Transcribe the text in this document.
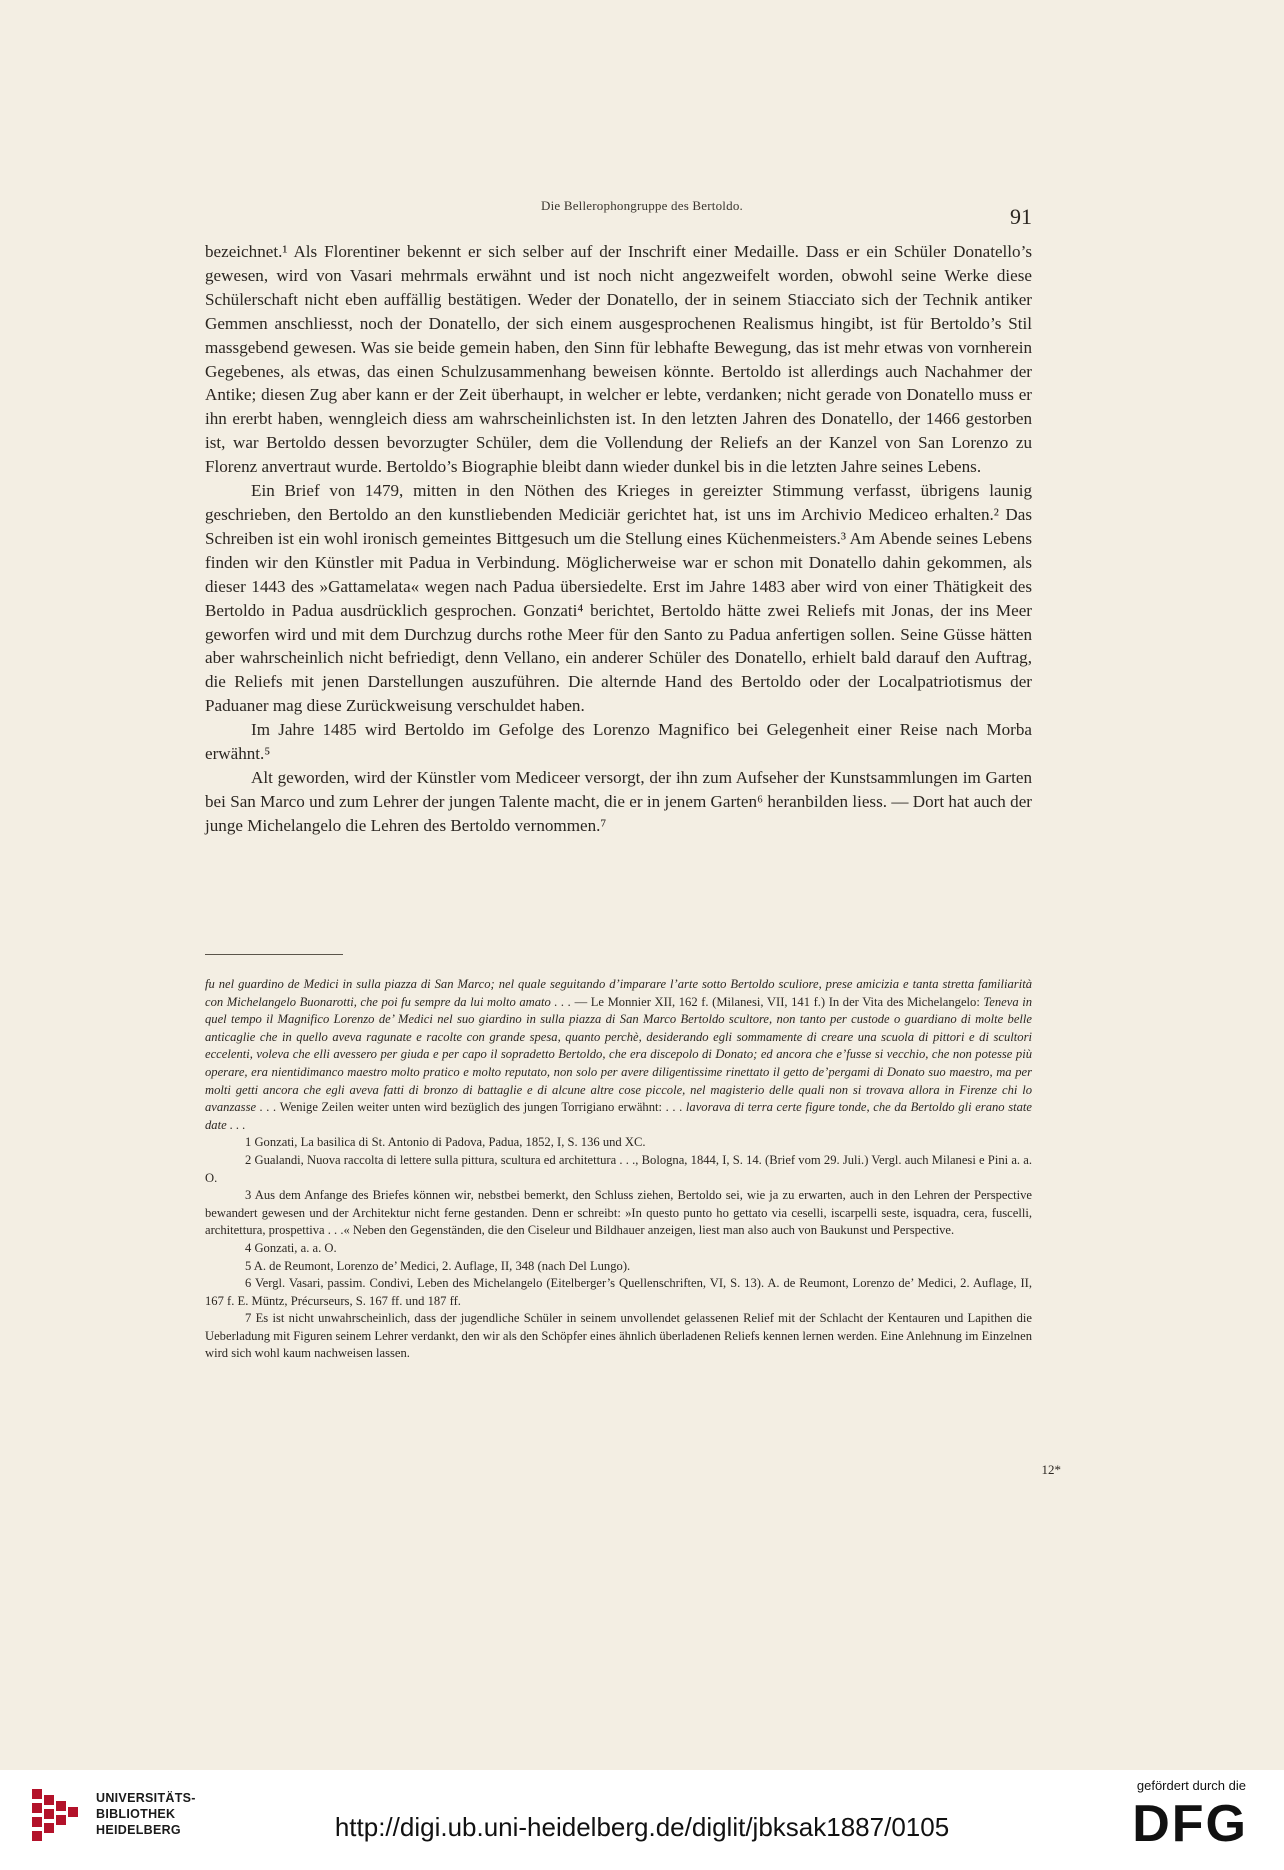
Die Bellerophongruppe des Bertoldo.	91

bezeichnet.¹ Als Florentiner bekennt er sich selber auf der Inschrift einer Medaille. Dass er ein Schüler Donatello’s gewesen, wird von Vasari mehrmals erwähnt und ist noch nicht angezweifelt worden, obwohl seine Werke diese Schülerschaft nicht eben auffällig bestätigen. Weder der Donatello, der in seinem Stiacciato sich der Technik antiker Gemmen anschliesst, noch der Donatello, der sich einem ausgesprochenen Realismus hingibt, ist für Bertoldo’s Stil massgebend gewesen. Was sie beide gemein haben, den Sinn für lebhafte Bewegung, das ist mehr etwas von vornherein Gegebenes, als etwas, das einen Schulzusammenhang beweisen könnte. Bertoldo ist allerdings auch Nachahmer der Antike; diesen Zug aber kann er der Zeit überhaupt, in welcher er lebte, verdanken; nicht gerade von Donatello muss er ihn ererbt haben, wenngleich diess am wahrscheinlichsten ist. In den letzten Jahren des Donatello, der 1466 gestorben ist, war Bertoldo dessen bevorzugter Schüler, dem die Vollendung der Reliefs an der Kanzel von San Lorenzo zu Florenz anvertraut wurde. Bertoldo’s Biographie bleibt dann wieder dunkel bis in die letzten Jahre seines Lebens.

Ein Brief von 1479, mitten in den Nöthen des Krieges in gereizter Stimmung verfasst, übrigens launig geschrieben, den Bertoldo an den kunstliebenden Mediciär gerichtet hat, ist uns im Archivio Mediceo erhalten.² Das Schreiben ist ein wohl ironisch gemeintes Bittgesuch um die Stellung eines Küchenmeisters.³ Am Abende seines Lebens finden wir den Künstler mit Padua in Verbindung. Möglicherweise war er schon mit Donatello dahin gekommen, als dieser 1443 des »Gattamelata« wegen nach Padua übersiedelte. Erst im Jahre 1483 aber wird von einer Thätigkeit des Bertoldo in Padua ausdrücklich gesprochen. Gonzati⁴ berichtet, Bertoldo hätte zwei Reliefs mit Jonas, der ins Meer geworfen wird und mit dem Durchzug durchs rothe Meer für den Santo zu Padua anfertigen sollen. Seine Güsse hätten aber wahrscheinlich nicht befriedigt, denn Vellano, ein anderer Schüler des Donatello, erhielt bald darauf den Auftrag, die Reliefs mit jenen Darstellungen auszuführen. Die alternde Hand des Bertoldo oder der Localpatriotismus der Paduaner mag diese Zurückweisung verschuldet haben.

Im Jahre 1485 wird Bertoldo im Gefolge des Lorenzo Magnifico bei Gelegenheit einer Reise nach Morba erwähnt.⁵

Alt geworden, wird der Künstler vom Mediceer versorgt, der ihn zum Aufseher der Kunstsammlungen im Garten bei San Marco und zum Lehrer der jungen Talente macht, die er in jenem Garten⁶ heranbilden liess. — Dort hat auch der junge Michelangelo die Lehren des Bertoldo vernommen.⁷

fu nel guardino de Medici in sulla piazza di San Marco; nel quale seguitando d’imparare l’arte sotto Bertoldo sculiore, prese amicizia e tanta stretta familiarità con Michelangelo Buonarotti, che poi fu sempre da lui molto amato . . . — Le Monnier XII, 162 f. (Milanesi, VII, 141 f.) In der Vita des Michelangelo: Teneva in quel tempo il Magnifico Lorenzo de’ Medici nel suo giardino in sulla piazza di San Marco Bertoldo scultore, non tanto per custode o guardiano di molte belle anticaglie che in quello aveva ragunate e racolte con grande spesa, quanto perchè, desiderando egli sommamente di creare una scuola di pittori e di scultori eccelenti, voleva che elli avessero per giuda e per capo il sopradetto Bertoldo, che era discepolo di Donato; ed ancora che e’fusse si vecchio, che non potesse più operare, era nientidimanco maestro molto pratico e molto reputato, non solo per avere diligentissime rinettato il getto de’pergami di Donato suo maestro, ma per molti getti ancora che egli aveva fatti di bronzo di battaglie e di alcune altre cose piccole, nel magisterio delle quali non si trovava allora in Firenze chi lo avanzasse . . . Wenige Zeilen weiter unten wird bezüglich des jungen Torrigiano erwähnt: . . . lavorava di terra certe figure tonde, che da Bertoldo gli erano state date . . .

1 Gonzati, La basilica di St. Antonio di Padova, Padua, 1852, I, S. 136 und XC.

2 Gualandi, Nuova raccolta di lettere sulla pittura, scultura ed architettura . . ., Bologna, 1844, I, S. 14. (Brief vom 29. Juli.) Vergl. auch Milanesi e Pini a. a. O.

3 Aus dem Anfange des Briefes können wir, nebstbei bemerkt, den Schluss ziehen, Bertoldo sei, wie ja zu erwarten, auch in den Lehren der Perspective bewandert gewesen und der Architektur nicht ferne gestanden. Denn er schreibt: »In questo punto ho gettato via ceselli, iscarpelli seste, isquadra, cera, fuscelli, architettura, prospettiva . . .« Neben den Gegenständen, die den Ciseleur und Bildhauer anzeigen, liest man also auch von Baukunst und Perspective.

4 Gonzati, a. a. O.

5 A. de Reumont, Lorenzo de’ Medici, 2. Auflage, II, 348 (nach Del Lungo).

6 Vergl. Vasari, passim. Condivi, Leben des Michelangelo (Eitelberger’s Quellenschriften, VI, S. 13). A. de Reumont, Lorenzo de’ Medici, 2. Auflage, II, 167 f. E. Müntz, Précurseurs, S. 167 ff. und 187 ff.

7 Es ist nicht unwahrscheinlich, dass der jugendliche Schüler in seinem unvollendet gelassenen Relief mit der Schlacht der Kentauren und Lapithen die Ueberladung mit Figuren seinem Lehrer verdankt, den wir als den Schöpfer eines ähnlich überladenen Reliefs kennen lernen werden. Eine Anlehnung im Einzelnen wird sich wohl kaum nachweisen lassen.

12*
UNIVERSITÄTS-
BIBLIOTHEK
HEIDELBERG	http://digi.ub.uni-heidelberg.de/diglit/jbksak1887/0105
gefördert durch die
DFG
